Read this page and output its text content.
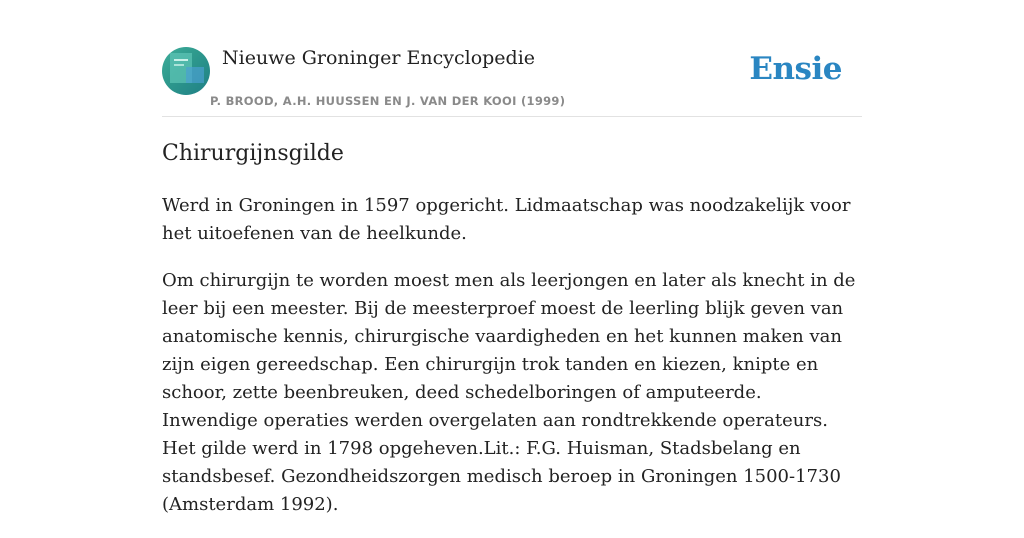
Nieuwe Groninger Encyclopedie
P. BROOD, A.H. HUUSSEN EN J. VAN DER KOOI (1999)
Ensie
Chirurgijnsgilde

Werd in Groningen in 1597 opgericht. Lidmaatschap was noodzakelijk voor het uitoefenen van de heelkunde.

Om chirurgijn te worden moest men als leerjongen en later als knecht in de leer bij een meester. Bij de meesterproef moest de leerling blijk geven van anatomische kennis, chirurgische vaardigheden en het kunnen maken van zijn eigen gereedschap. Een chirurgijn trok tanden en kiezen, knipte en schoor, zette beenbreuken, deed schedelboringen of amputeerde. Inwendige operaties werden overgelaten aan rondtrekkende operateurs. Het gilde werd in 1798 opgeheven.Lit.: F.G. Huisman, Stadsbelang en standsbesef. Gezondheidszorgen medisch beroep in Groningen 1500-1730 (Amsterdam 1992).
